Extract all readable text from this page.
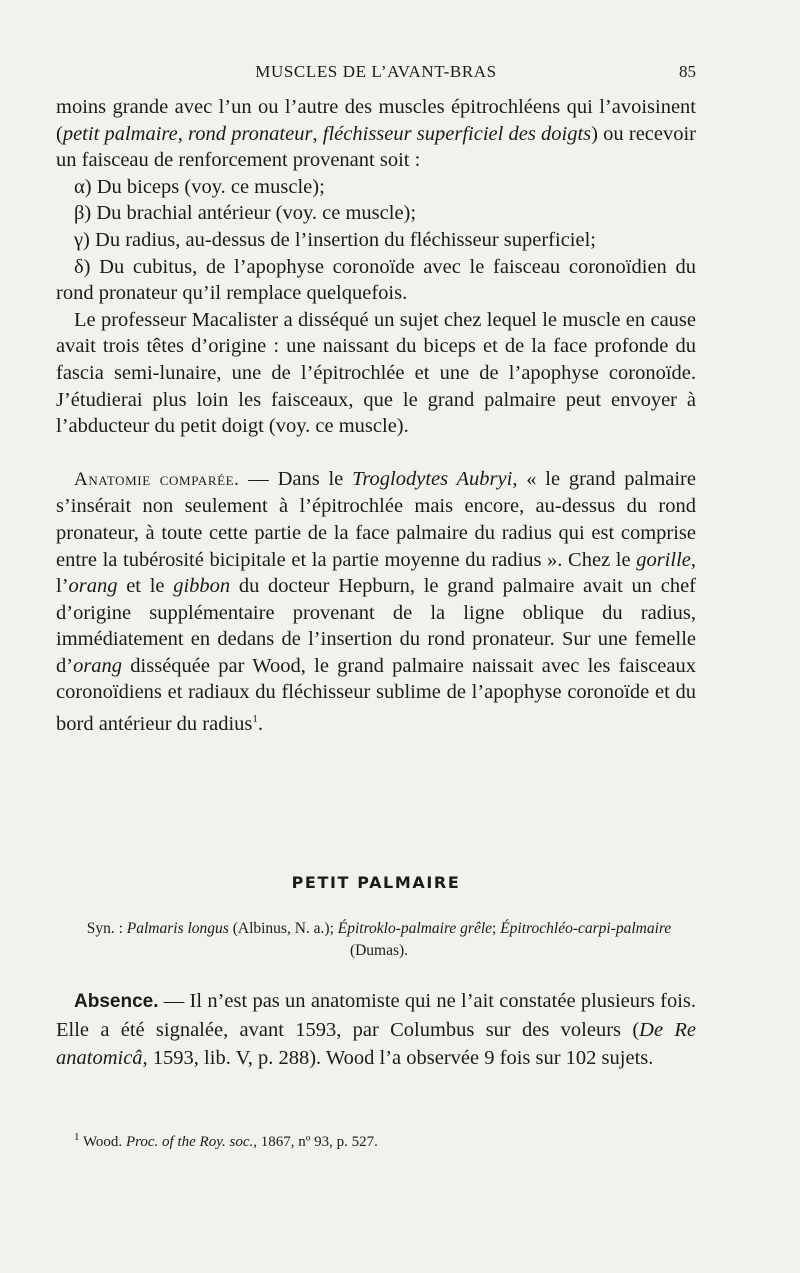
MUSCLES DE L’AVANT-BRAS	85

moins grande avec l’un ou l’autre des muscles épitrochléens qui l’avoisinent (petit palmaire, rond pronateur, fléchisseur superficiel des doigts) ou recevoir un faisceau de renforcement provenant soit :

α) Du biceps (voy. ce muscle);

β) Du brachial antérieur (voy. ce muscle);

γ) Du radius, au-dessus de l’insertion du fléchisseur superficiel;

δ) Du cubitus, de l’apophyse coronoïde avec le faisceau coronoïdien du rond pronateur qu’il remplace quelquefois.

Le professeur Macalister a disséqué un sujet chez lequel le muscle en cause avait trois têtes d’origine : une naissant du biceps et de la face profonde du fascia semi-lunaire, une de l’épitrochlée et une de l’apophyse coronoïde. J’étudierai plus loin les faisceaux, que le grand palmaire peut envoyer à l’abducteur du petit doigt (voy. ce muscle).

Anatomie comparée. — Dans le Troglodytes Aubryi, « le grand palmaire s’insérait non seulement à l’épitrochlée mais encore, au-dessus du rond pronateur, à toute cette partie de la face palmaire du radius qui est comprise entre la tubérosité bicipitale et la partie moyenne du radius ». Chez le gorille, l’orang et le gibbon du docteur Hepburn, le grand palmaire avait un chef d’origine supplémentaire provenant de la ligne oblique du radius, immédiatement en dedans de l’insertion du rond pronateur. Sur une femelle d’orang disséquée par Wood, le grand palmaire naissait avec les faisceaux coronoïdiens et radiaux du fléchisseur sublime de l’apophyse coronoïde et du bord antérieur du radius$^1$.

PETIT PALMAIRE
Syn. : Palmaris longus (Albinus, N. a.); Épitroklo-palmaire grêle; Épitrochléo-carpi-palmaire (Dumas).
Absence. — Il n’est pas un anatomiste qui ne l’ait constatée plusieurs fois. Elle a été signalée, avant 1593, par Columbus sur des voleurs (De Re anatomicâ, 1593, lib. V, p. 288). Wood l’a observée 9 fois sur 102 sujets.
$^1$ Wood. Proc. of the Roy. soc., 1867, nº 93, p. 527.
